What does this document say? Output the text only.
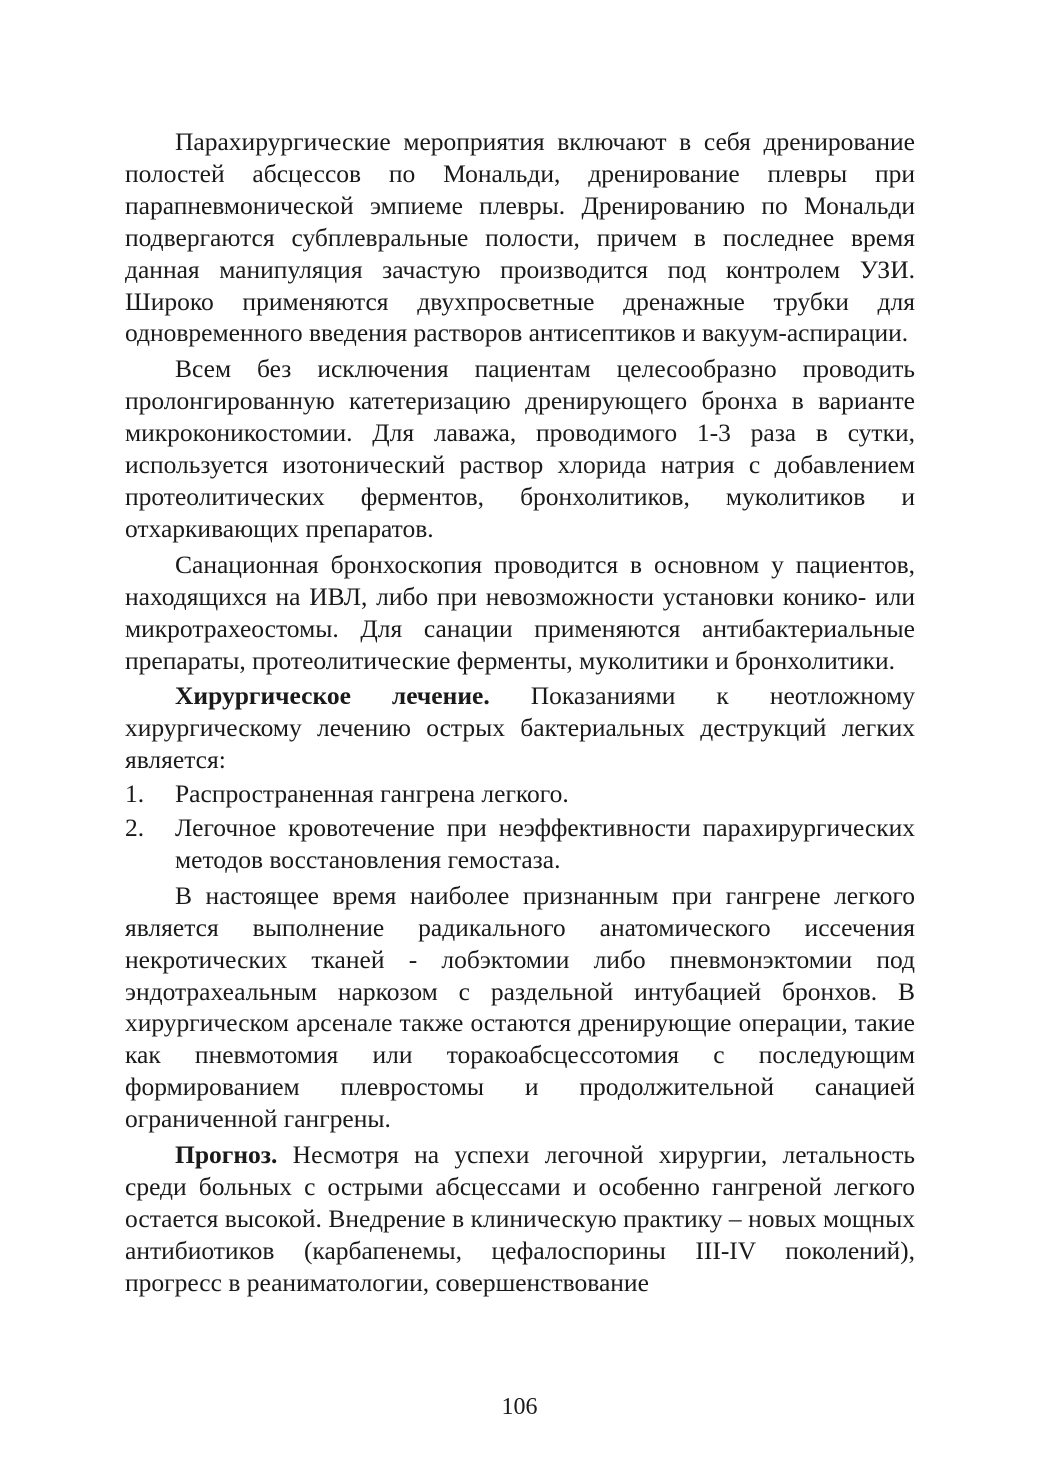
Парахирургические мероприятия включают в себя дренирование полостей абсцессов по Мональди, дренирование плевры при парапневмонической эмпиеме плевры. Дренированию по Мональди подвергаются субплевральные полости, причем в последнее время данная манипуляция зачастую производится под контролем УЗИ. Широко применяются двухпросветные дренажные трубки для одновременного введения растворов антисептиков и вакуум-аспирации.

Всем без исключения пациентам целесообразно проводить пролонгированную катетеризацию дренирующего бронха в варианте микроконикостомии. Для лаважа, проводимого 1-3 раза в сутки, используется изотонический раствор хлорида натрия с добавлением протеолитических ферментов, бронхолитиков, муколитиков и отхаркивающих препаратов.

Санационная бронхоскопия проводится в основном у пациентов, находящихся на ИВЛ, либо при невозможности установки конико- или микротрахеостомы. Для санации применяются антибактериальные препараты, протеолитические ферменты, муколитики и бронхолитики.

Хирургическое лечение. Показаниями к неотложному хирургическому лечению острых бактериальных деструкций легких является:

1. Распространенная гангрена легкого.
2. Легочное кровотечение при неэффективности парахирургических методов восстановления гемостаза.

В настоящее время наиболее признанным при гангрене легкого является выполнение радикального анатомического иссечения некротических тканей - лобэктомии либо пневмонэктомии под эндотрахеальным наркозом с раздельной интубацией бронхов. В хирургическом арсенале также остаются дренирующие операции, такие как пневмотомия или торакоабсцессотомия с последующим формированием плевростомы и продолжительной санацией ограниченной гангрены.

Прогноз. Несмотря на успехи легочной хирургии, летальность среди больных с острыми абсцессами и особенно гангреной легкого остается высокой. Внедрение в клиническую практику – новых мощных антибиотиков (карбапенемы, цефалоспорины III-IV поколений), прогресс в реаниматологии, совершенствование

106
